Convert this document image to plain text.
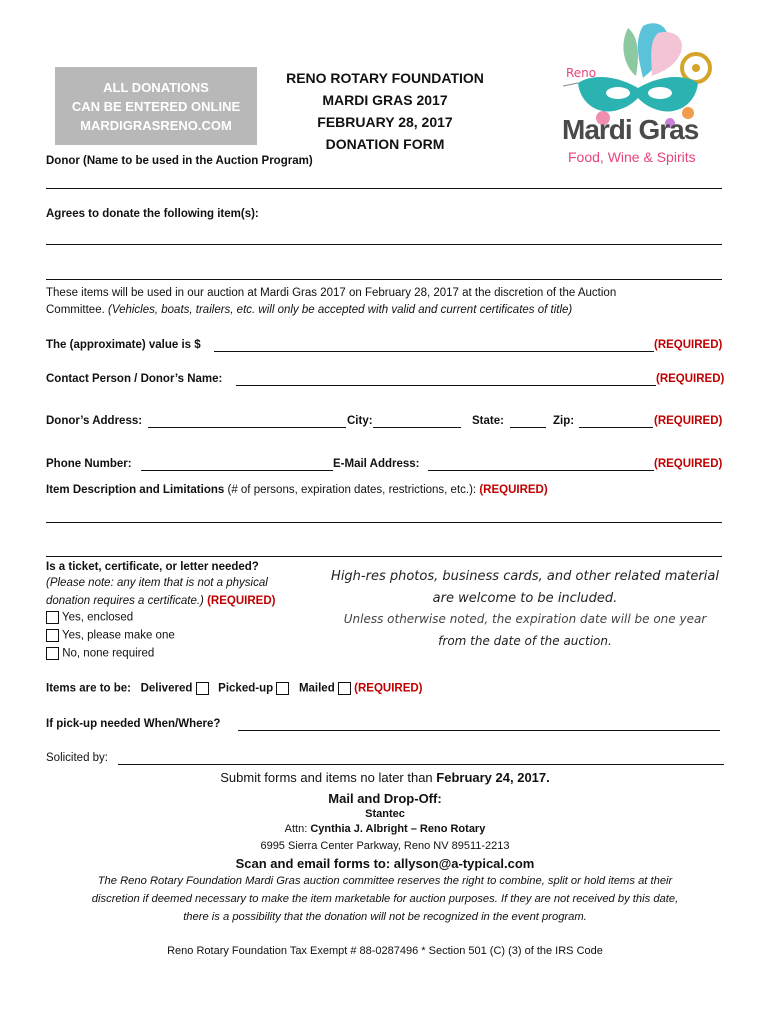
ALL DONATIONS
CAN BE ENTERED ONLINE
MARDIGRASRENO.COM
RENO ROTARY FOUNDATION
MARDI GRAS 2017
FEBRUARY 28, 2017
DONATION FORM
Reno
Mardi Gras
Food, Wine & Spirits
Donor (Name to be used in the Auction Program)
Agrees to donate the following item(s):
These items will be used in our auction at Mardi Gras 2017 on February 28, 2017 at the discretion of the Auction
Committee. (Vehicles, boats, trailers, etc. will only be accepted with valid and current certificates of title)
The (approximate) value is $	(REQUIRED)
Contact Person / Donor’s Name:	(REQUIRED)
Donor’s Address:	City:	State:	Zip:	(REQUIRED)
Phone Number:	E-Mail Address:	(REQUIRED)
Item Description and Limitations (# of persons, expiration dates, restrictions, etc.): (REQUIRED)
Is a ticket, certificate, or letter needed?
(Please note: any item that is not a physical
donation requires a certificate.) (REQUIRED)
Yes, enclosed
Yes, please make one
No, none required
High-res photos, business cards, and other related material
are welcome to be included.
Unless otherwise noted, the expiration date will be one year
from the date of the auction.
Items are to be: Delivered Picked-up Mailed (REQUIRED)
If pick-up needed When/Where?
Solicited by:
Submit forms and items no later than February 24, 2017.
Mail and Drop-Off:
Stantec
Attn: Cynthia J. Albright – Reno Rotary
6995 Sierra Center Parkway, Reno NV 89511-2213
Scan and email forms to: allyson@a-typical.com
The Reno Rotary Foundation Mardi Gras auction committee reserves the right to combine, split or hold items at their
discretion if deemed necessary to make the item marketable for auction purposes. If they are not received by this date,
there is a possibility that the donation will not be recognized in the event program.
Reno Rotary Foundation Tax Exempt # 88-0287496 * Section 501 (C) (3) of the IRS Code
